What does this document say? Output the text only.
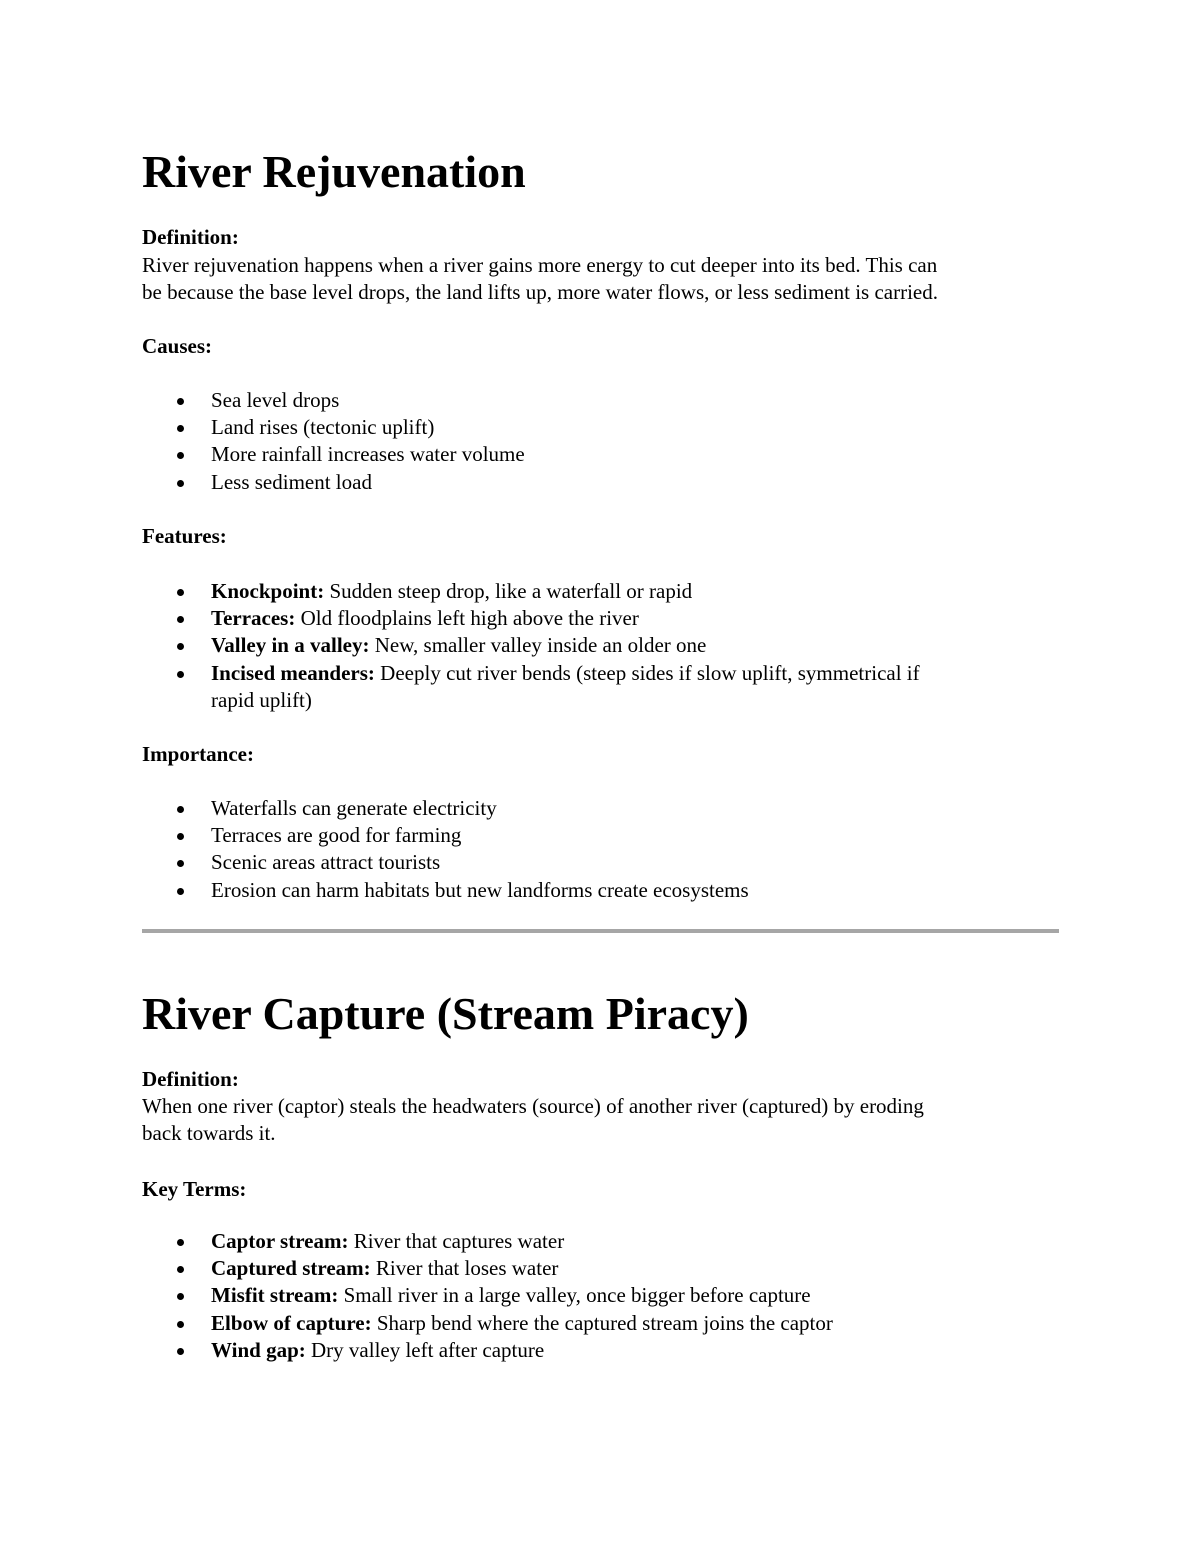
River Rejuvenation
Definition:
River rejuvenation happens when a river gains more energy to cut deeper into its bed. This can
be because the base level drops, the land lifts up, more water flows, or less sediment is carried.
Causes:
Sea level drops
Land rises (tectonic uplift)
More rainfall increases water volume
Less sediment load
Features:
Knockpoint: Sudden steep drop, like a waterfall or rapid
Terraces: Old floodplains left high above the river
Valley in a valley: New, smaller valley inside an older one
Incised meanders: Deeply cut river bends (steep sides if slow uplift, symmetrical if
rapid uplift)
Importance:
Waterfalls can generate electricity
Terraces are good for farming
Scenic areas attract tourists
Erosion can harm habitats but new landforms create ecosystems
River Capture (Stream Piracy)
Definition:
When one river (captor) steals the headwaters (source) of another river (captured) by eroding
back towards it.
Key Terms:
Captor stream: River that captures water
Captured stream: River that loses water
Misfit stream: Small river in a large valley, once bigger before capture
Elbow of capture: Sharp bend where the captured stream joins the captor
Wind gap: Dry valley left after capture
